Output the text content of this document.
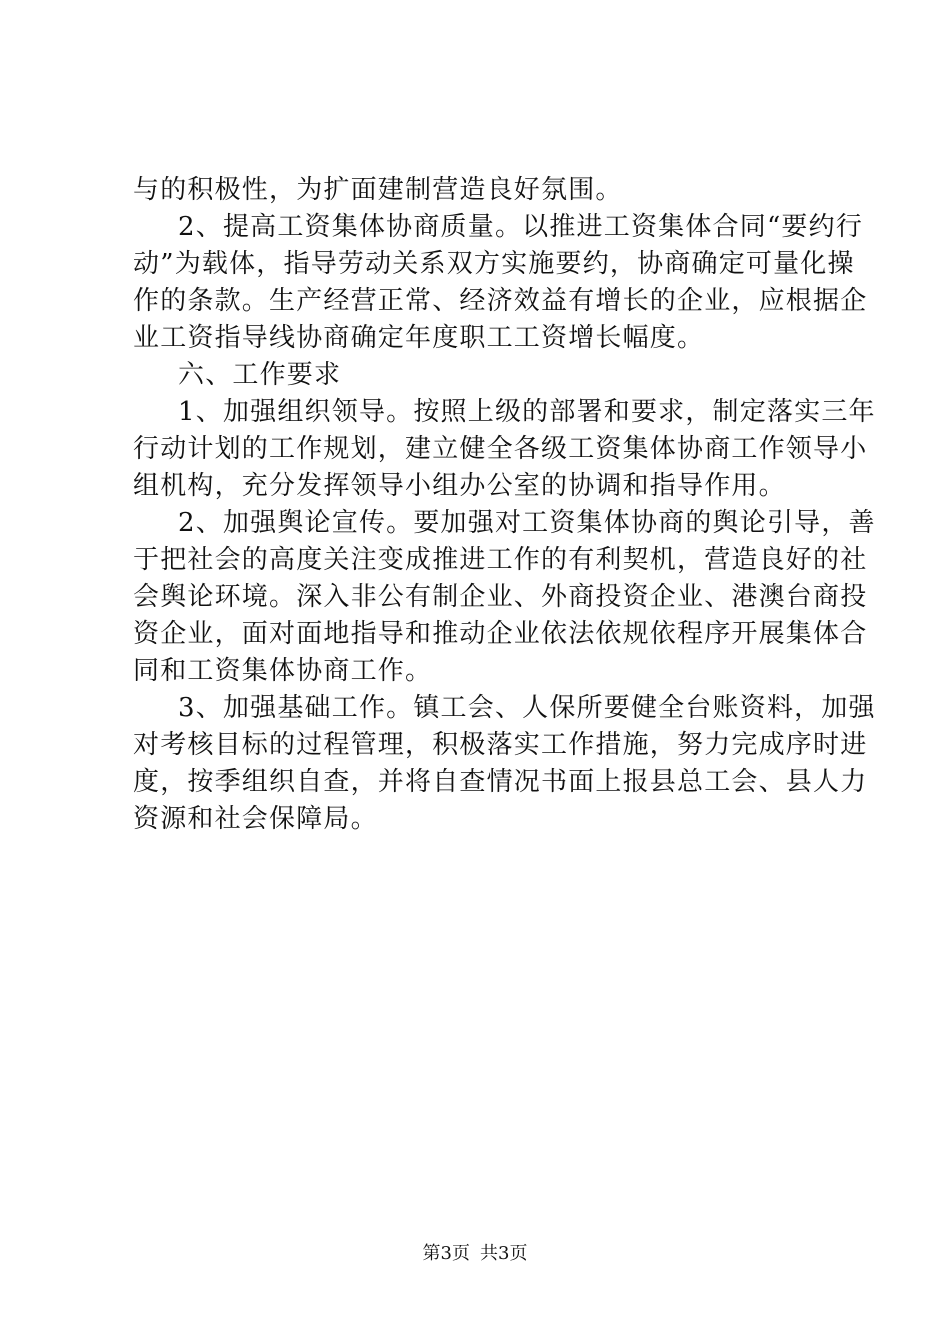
与的积极性，为扩面建制营造良好氛围。
2、提高工资集体协商质量。以推进工资集体合同“要约行
动”为载体，指导劳动关系双方实施要约，协商确定可量化操
作的条款。生产经营正常、经济效益有增长的企业，应根据企
业工资指导线协商确定年度职工工资增长幅度。
六、工作要求
1、加强组织领导。按照上级的部署和要求，制定落实三年
行动计划的工作规划，建立健全各级工资集体协商工作领导小
组机构，充分发挥领导小组办公室的协调和指导作用。
2、加强舆论宣传。要加强对工资集体协商的舆论引导，善
于把社会的高度关注变成推进工作的有利契机，营造良好的社
会舆论环境。深入非公有制企业、外商投资企业、港澳台商投
资企业，面对面地指导和推动企业依法依规依程序开展集体合
同和工资集体协商工作。
3、加强基础工作。镇工会、人保所要健全台账资料，加强
对考核目标的过程管理，积极落实工作措施，努力完成序时进
度，按季组织自查，并将自查情况书面上报县总工会、县人力
资源和社会保障局。
第3页 共3页
